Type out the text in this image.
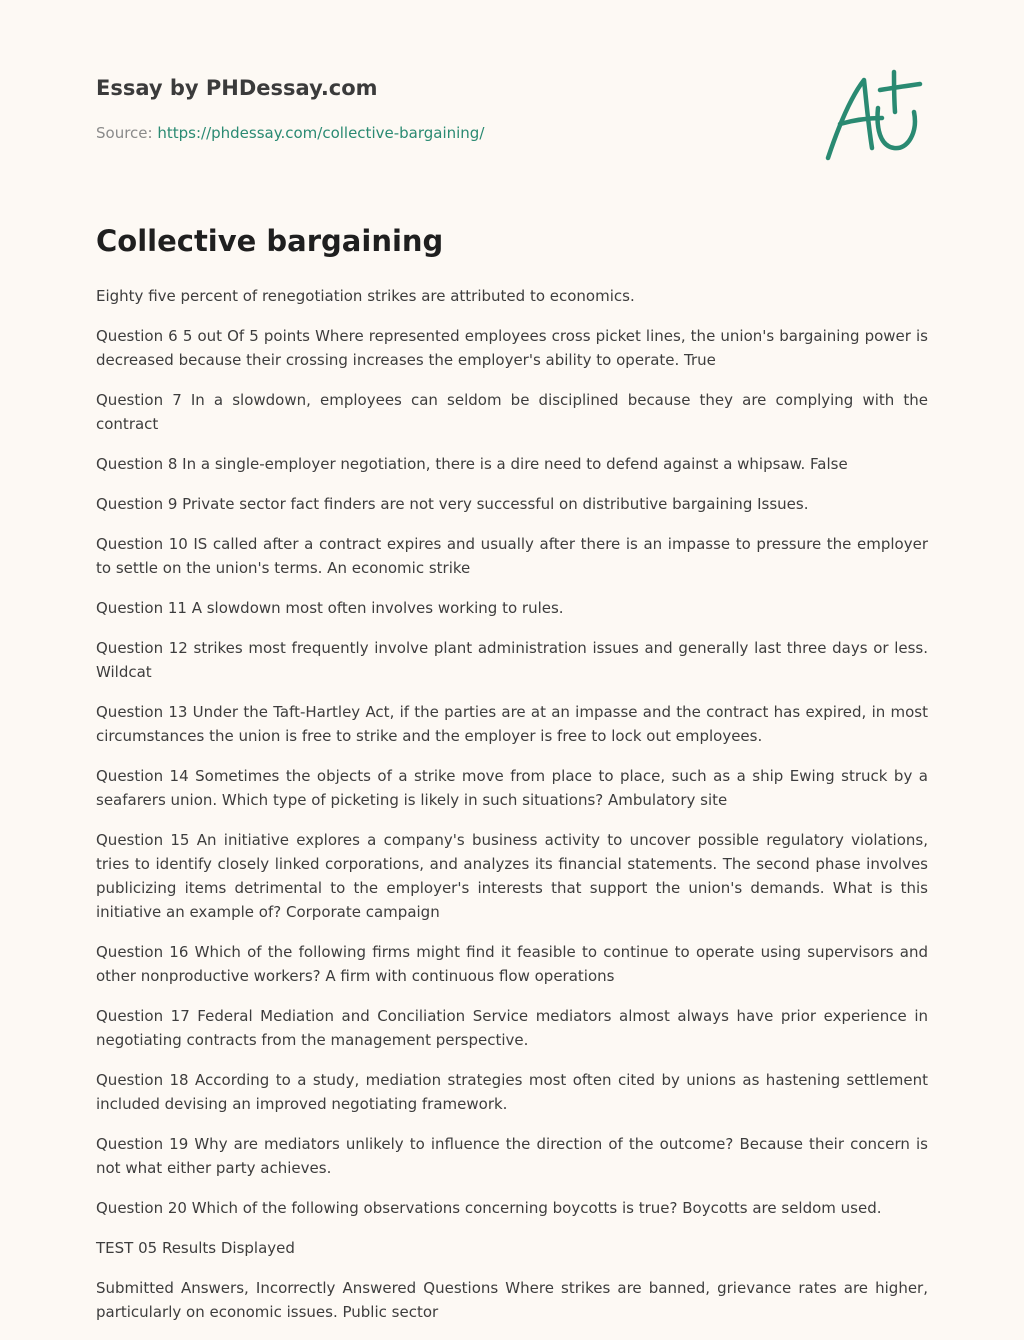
Essay by PHDessay.com
Source: https://phdessay.com/collective-bargaining/
Collective bargaining

Eighty five percent of renegotiation strikes are attributed to economics.

Question 6 5 out Of 5 points Where represented employees cross picket lines, the union's bargaining power is decreased because their crossing increases the employer's ability to operate. True

Question 7 In a slowdown, employees can seldom be disciplined because they are complying with the contract

Question 8 In a single-employer negotiation, there is a dire need to defend against a whipsaw. False

Question 9 Private sector fact finders are not very successful on distributive bargaining Issues.

Question 10 IS called after a contract expires and usually after there is an impasse to pressure the employer to settle on the union's terms. An economic strike

Question 11 A slowdown most often involves working to rules.

Question 12 strikes most frequently involve plant administration issues and generally last three days or less. Wildcat

Question 13 Under the Taft-Hartley Act, if the parties are at an impasse and the contract has expired, in most circumstances the union is free to strike and the employer is free to lock out employees.

Question 14 Sometimes the objects of a strike move from place to place, such as a ship Ewing struck by a seafarers union. Which type of picketing is likely in such situations? Ambulatory site

Question 15 An initiative explores a company's business activity to uncover possible regulatory violations, tries to identify closely linked corporations, and analyzes its financial statements. The second phase involves publicizing items detrimental to the employer's interests that support the union's demands. What is this initiative an example of? Corporate campaign

Question 16 Which of the following firms might find it feasible to continue to operate using supervisors and other nonproductive workers? A firm with continuous flow operations

Question 17 Federal Mediation and Conciliation Service mediators almost always have prior experience in negotiating contracts from the management perspective.

Question 18 According to a study, mediation strategies most often cited by unions as hastening settlement included devising an improved negotiating framework.

Question 19 Why are mediators unlikely to influence the direction of the outcome? Because their concern is not what either party achieves.

Question 20 Which of the following observations concerning boycotts is true? Boycotts are seldom used.

TEST 05 Results Displayed

Submitted Answers, Incorrectly Answered Questions Where strikes are banned, grievance rates are higher, particularly on economic issues. Public sector
